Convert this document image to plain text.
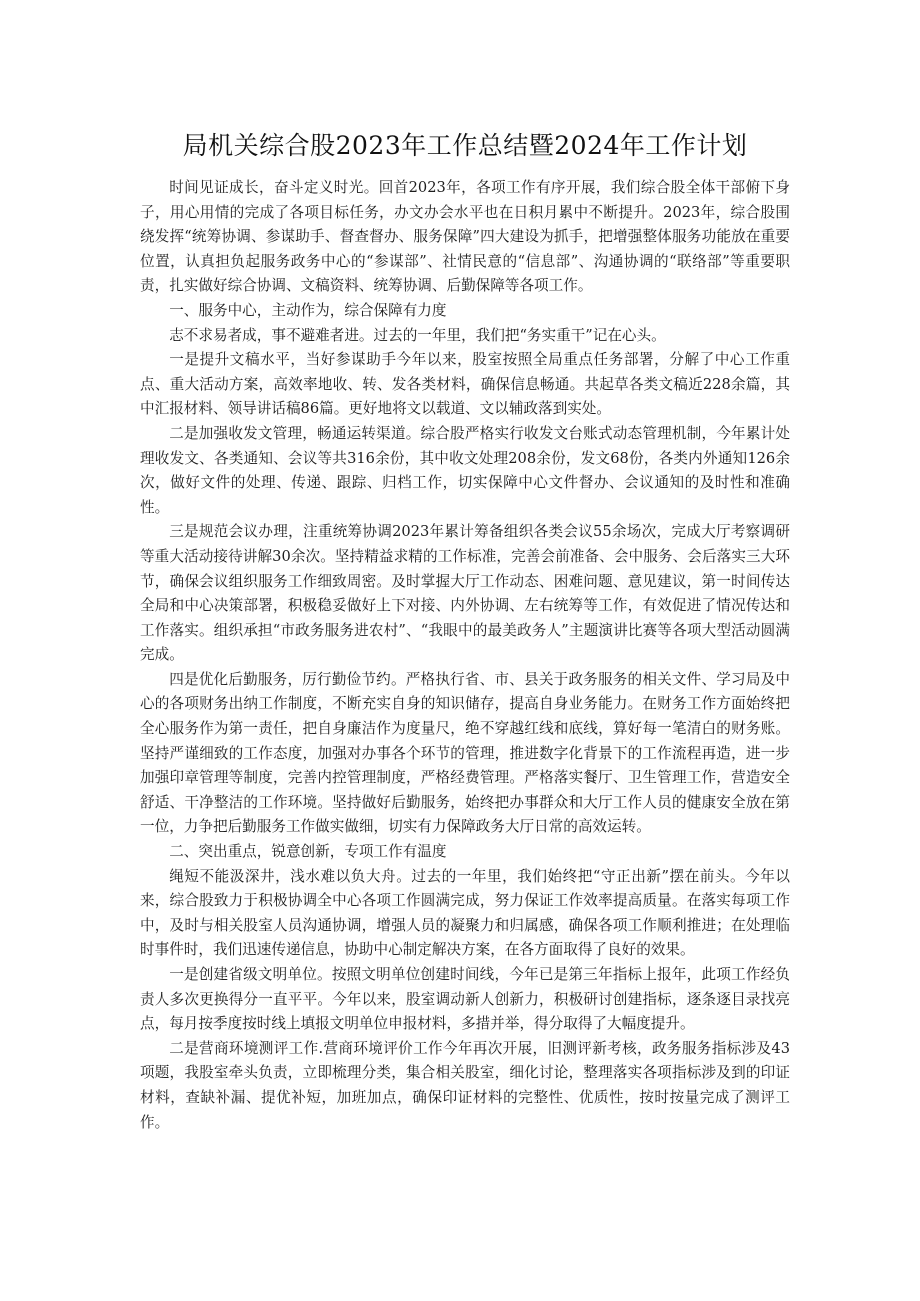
局机关综合股2023年工作总结暨2024年工作计划

时间见证成长，奋斗定义时光。回首2023年，各项工作有序开展，我们综合股全体干部俯下身子，用心用情的完成了各项目标任务，办文办会水平也在日积月累中不断提升。2023年，综合股围绕发挥“统筹协调、参谋助手、督查督办、服务保障”四大建设为抓手，把增强整体服务功能放在重要位置，认真担负起服务政务中心的“参谋部”、社情民意的“信息部”、沟通协调的“联络部”等重要职责，扎实做好综合协调、文稿资料、统筹协调、后勤保障等各项工作。

一、服务中心，主动作为，综合保障有力度

志不求易者成，事不避难者进。过去的一年里，我们把“务实重干”记在心头。

一是提升文稿水平，当好参谋助手今年以来，股室按照全局重点任务部署，分解了中心工作重点、重大活动方案，高效率地收、转、发各类材料，确保信息畅通。共起草各类文稿近228余篇，其中汇报材料、领导讲话稿86篇。更好地将文以载道、文以辅政落到实处。

二是加强收发文管理，畅通运转渠道。综合股严格实行收发文台账式动态管理机制，今年累计处理收发文、各类通知、会议等共316余份，其中收文处理208余份，发文68份，各类内外通知126余次，做好文件的处理、传递、跟踪、归档工作，切实保障中心文件督办、会议通知的及时性和准确性。

三是规范会议办理，注重统筹协调2023年累计筹备组织各类会议55余场次，完成大厅考察调研等重大活动接待讲解30余次。坚持精益求精的工作标准，完善会前准备、会中服务、会后落实三大环节，确保会议组织服务工作细致周密。及时掌握大厅工作动态、困难问题、意见建议，第一时间传达全局和中心决策部署，积极稳妥做好上下对接、内外协调、左右统筹等工作，有效促进了情况传达和工作落实。组织承担“市政务服务进农村”、“我眼中的最美政务人”主题演讲比赛等各项大型活动圆满完成。

四是优化后勤服务，厉行勤俭节约。严格执行省、市、县关于政务服务的相关文件、学习局及中心的各项财务出纳工作制度，不断充实自身的知识储存，提高自身业务能力。在财务工作方面始终把全心服务作为第一责任，把自身廉洁作为度量尺，绝不穿越红线和底线，算好每一笔清白的财务账。坚持严谨细致的工作态度，加强对办事各个环节的管理，推进数字化背景下的工作流程再造，进一步加强印章管理等制度，完善内控管理制度，严格经费管理。严格落实餐厅、卫生管理工作，营造安全舒适、干净整洁的工作环境。坚持做好后勤服务，始终把办事群众和大厅工作人员的健康安全放在第一位，力争把后勤服务工作做实做细，切实有力保障政务大厅日常的高效运转。

二、突出重点，锐意创新，专项工作有温度

绳短不能汲深井，浅水难以负大舟。过去的一年里，我们始终把“守正出新”摆在前头。今年以来，综合股致力于积极协调全中心各项工作圆满完成，努力保证工作效率提高质量。在落实每项工作中，及时与相关股室人员沟通协调，增强人员的凝聚力和归属感，确保各项工作顺利推进；在处理临时事件时，我们迅速传递信息，协助中心制定解决方案，在各方面取得了良好的效果。

一是创建省级文明单位。按照文明单位创建时间线，今年已是第三年指标上报年，此项工作经负责人多次更换得分一直平平。今年以来，股室调动新人创新力，积极研讨创建指标，逐条逐目录找亮点，每月按季度按时线上填报文明单位申报材料，多措并举，得分取得了大幅度提升。

二是营商环境测评工作.营商环境评价工作今年再次开展，旧测评新考核，政务服务指标涉及43项题，我股室牵头负责，立即梳理分类，集合相关股室，细化讨论，整理落实各项指标涉及到的印证材料，查缺补漏、提优补短，加班加点，确保印证材料的完整性、优质性，按时按量完成了测评工作。
